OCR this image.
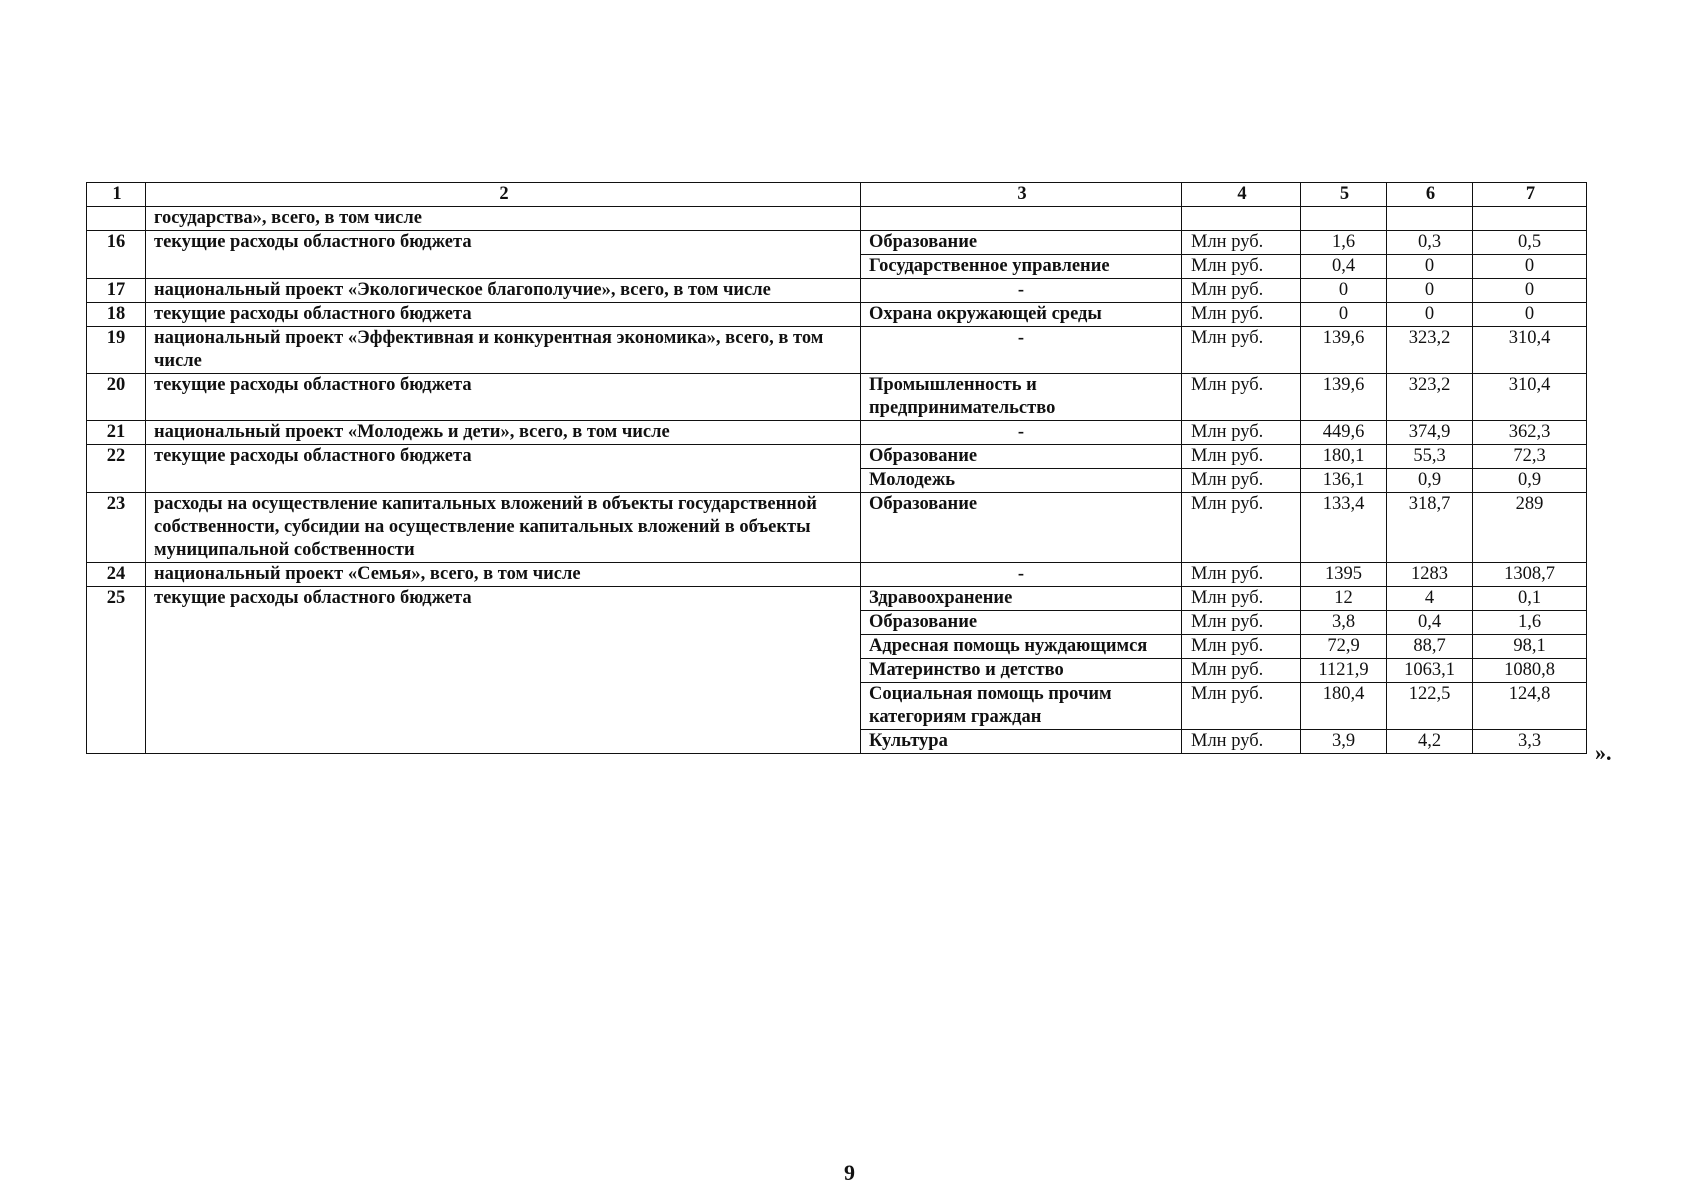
1	2	3	4	5	6	7
	государства», всего, в том числе					
16	текущие расходы областного бюджета	Образование	Млн руб.	1,6	0,3	0,5
		Государственное управление	Млн руб.	0,4	0	0
17	национальный проект «Экологическое благополучие», всего, в том числе	-	Млн руб.	0	0	0
18	текущие расходы областного бюджета	Охрана окружающей среды	Млн руб.	0	0	0
19	национальный проект «Эффективная и конкурентная экономика», всего, в том числе	-	Млн руб.	139,6	323,2	310,4
20	текущие расходы областного бюджета	Промышленность и предпринимательство	Млн руб.	139,6	323,2	310,4
21	национальный проект «Молодежь и дети», всего, в том числе	-	Млн руб.	449,6	374,9	362,3
22	текущие расходы областного бюджета	Образование	Млн руб.	180,1	55,3	72,3
		Молодежь	Млн руб.	136,1	0,9	0,9
23	расходы на осуществление капитальных вложений в объекты государственной собственности, субсидии на осуществление капитальных вложений в объекты муниципальной собственности	Образование	Млн руб.	133,4	318,7	289
24	национальный проект «Семья», всего, в том числе	-	Млн руб.	1395	1283	1308,7
25	текущие расходы областного бюджета	Здравоохранение	Млн руб.	12	4	0,1
		Образование	Млн руб.	3,8	0,4	1,6
		Адресная помощь нуждающимся	Млн руб.	72,9	88,7	98,1
		Материнство и детство	Млн руб.	1121,9	1063,1	1080,8
		Социальная помощь прочим категориям граждан	Млн руб.	180,4	122,5	124,8
		Культура	Млн руб.	3,9	4,2	3,3 ».
9
